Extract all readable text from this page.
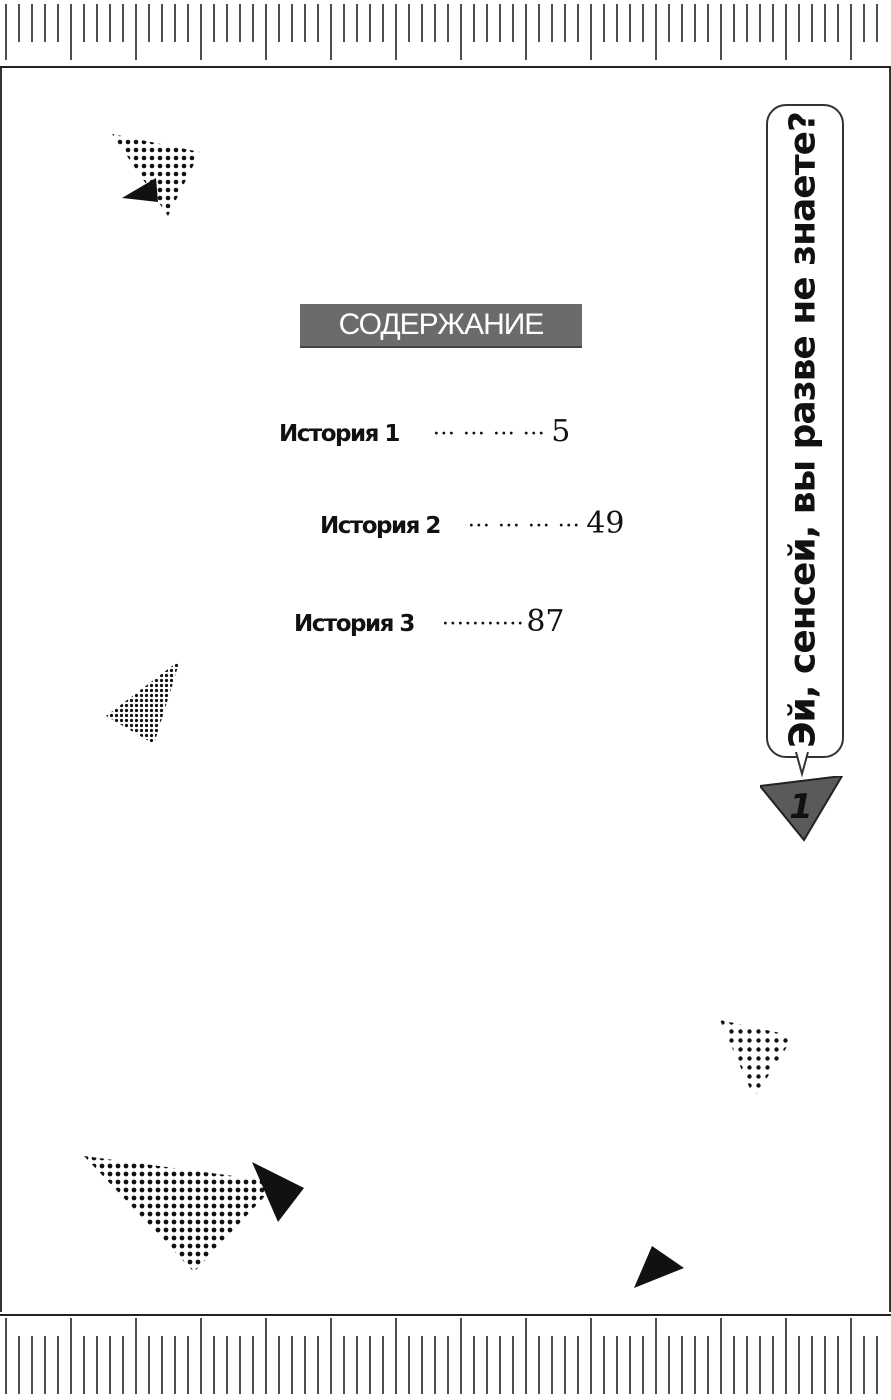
СОДЕРЖАНИЕ
История 1 ··· ··· ··· ··· 5
История 2 ··· ··· ··· ··· 49
История 3 ··········· 87	Эй, сенсей, вы разве не знаете?
1
